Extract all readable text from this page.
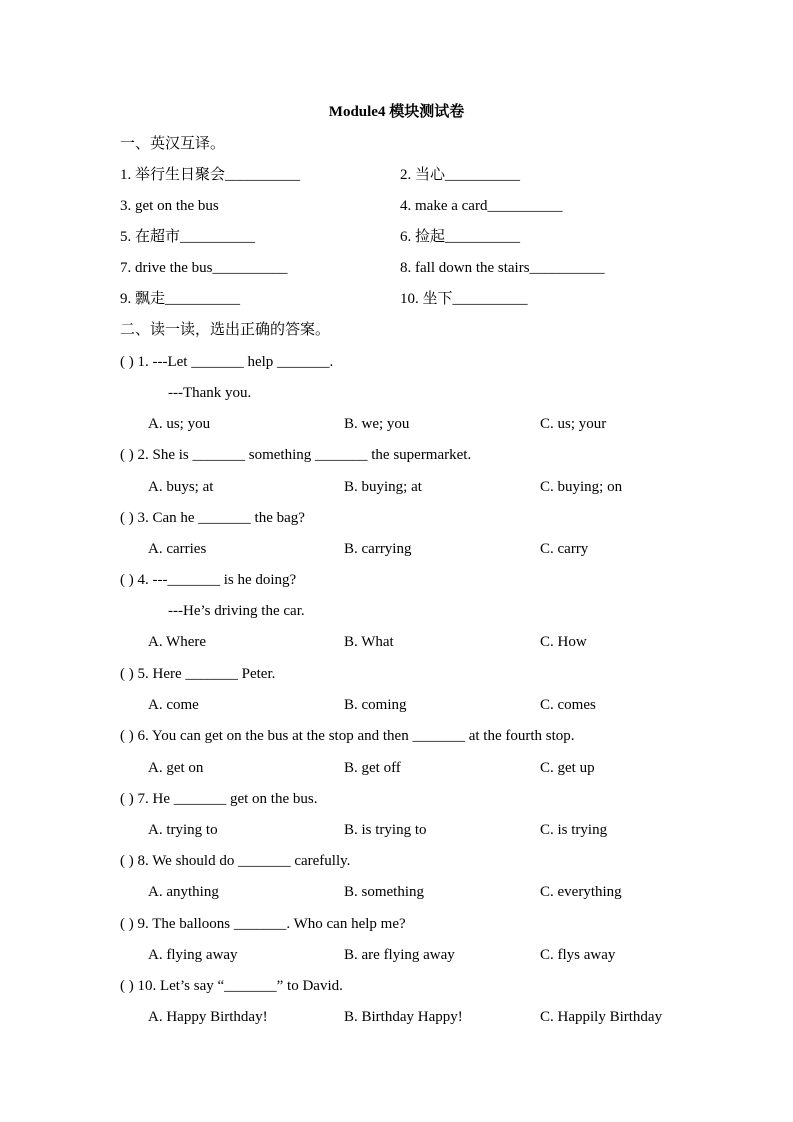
Module4 模块测试卷
一、英汉互译。
1. 举行生日聚会__________	2. 当心__________
3. get on the bus	4. make a card__________
5. 在超市__________	6. 捡起__________
7. drive the bus__________	8. fall down the stairs__________
9. 飘走__________	10. 坐下__________
二、读一读，选出正确的答案。
( ) 1. ---Let _______ help _______.
---Thank you.
A. us; you	B. we; you	C. us; your
( ) 2. She is _______ something _______ the supermarket.
A. buys; at	B. buying; at	C. buying; on
( ) 3. Can he _______ the bag?
A. carries	B. carrying	C. carry
( ) 4. ---_______ is he doing?
---He’s driving the car.
A. Where	B. What	C. How
( ) 5. Here _______ Peter.
A. come	B. coming	C. comes
( ) 6. You can get on the bus at the stop and then _______ at the fourth stop.
A. get on	B. get off	C. get up
( ) 7. He _______ get on the bus.
A. trying to	B. is trying to	C. is trying
( ) 8. We should do _______ carefully.
A. anything	B. something	C. everything
( ) 9. The balloons _______. Who can help me?
A. flying away	B. are flying away	C. flys away
( ) 10. Let’s say “_______” to David.
A. Happy Birthday!	B. Birthday Happy!	C. Happily Birthday
